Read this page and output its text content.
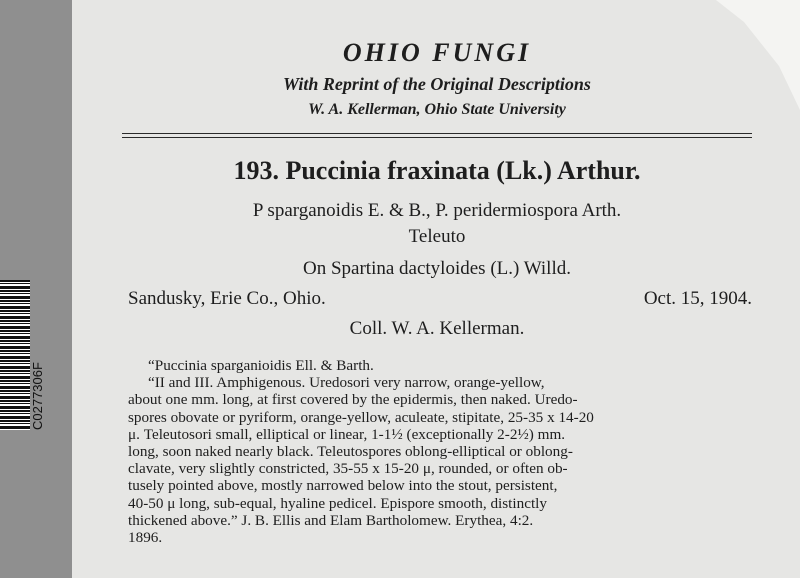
C0277306F
OHIO FUNGI
With Reprint of the Original Descriptions
W. A. Kellerman, Ohio State University
193. Puccinia fraxinata (Lk.) Arthur.
P sparganoidis E. & B., P. peridermiospora Arth.
Teleuto
On Spartina dactyloides (L.) Willd.
Sandusky, Erie Co., Ohio.	Oct. 15, 1904.
Coll. W. A. Kellerman.
“Puccinia sparganioidis Ell. & Barth.
“II and III. Amphigenous. Uredosori very narrow, orange-yellow,
about one mm. long, at first covered by the epidermis, then naked. Uredo-
spores obovate or pyriform, orange-yellow, aculeate, stipitate, 25-35 x 14-20
μ. Teleutosori small, elliptical or linear, 1-1½ (exceptionally 2-2½) mm.
long, soon naked nearly black. Teleutospores oblong-elliptical or oblong-
clavate, very slightly constricted, 35-55 x 15-20 μ, rounded, or often ob-
tusely pointed above, mostly narrowed below into the stout, persistent,
40-50 μ long, sub-equal, hyaline pedicel. Epispore smooth, distinctly
thickened above.” J. B. Ellis and Elam Bartholomew. Erythea, 4:2.
1896.
